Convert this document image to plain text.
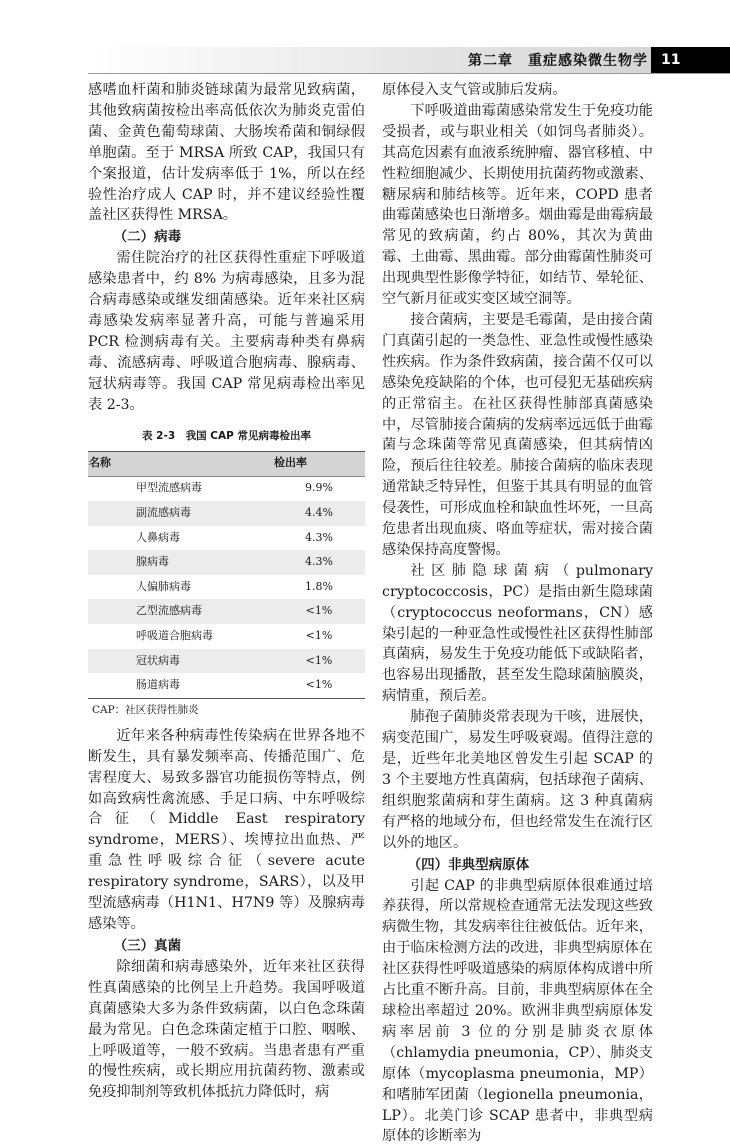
第二章　重症感染微生物学 11

感嗜血杆菌和肺炎链球菌为最常见致病菌，其他致病菌按检出率高低依次为肺炎克雷伯菌、金黄色葡萄球菌、大肠埃希菌和铜绿假单胞菌。至于 MRSA 所致 CAP，我国只有个案报道，估计发病率低于 1%，所以在经验性治疗成人 CAP 时，并不建议经验性覆盖社区获得性 MRSA。

（二）病毒

需住院治疗的社区获得性重症下呼吸道感染患者中，约 8% 为病毒感染，且多为混合病毒感染或继发细菌感染。近年来社区病毒感染发病率显著升高，可能与普遍采用 PCR 检测病毒有关。主要病毒种类有鼻病毒、流感病毒、呼吸道合胞病毒、腺病毒、冠状病毒等。我国 CAP 常见病毒检出率见表 2-3。

表 2-3　我国 CAP 常见病毒检出率
名称	检出率
甲型流感病毒	9.9%
副流感病毒	4.4%
人鼻病毒	4.3%
腺病毒	4.3%
人偏肺病毒	1.8%
乙型流感病毒	<1%
呼吸道合胞病毒	<1%
冠状病毒	<1%
肠道病毒	<1%
CAP：社区获得性肺炎

近年来各种病毒性传染病在世界各地不断发生，具有暴发频率高、传播范围广、危害程度大、易致多器官功能损伤等特点，例如高致病性禽流感、手足口病、中东呼吸综合征（Middle East respiratory syndrome，MERS）、埃博拉出血热、严重急性呼吸综合征（severe acute respiratory syndrome，SARS），以及甲型流感病毒（H1N1、H7N9 等）及腺病毒感染等。

（三）真菌

除细菌和病毒感染外，近年来社区获得性真菌感染的比例呈上升趋势。我国呼吸道真菌感染大多为条件致病菌，以白色念珠菌最为常见。白色念珠菌定植于口腔、咽喉、上呼吸道等，一般不致病。当患者患有严重的慢性疾病，或长期应用抗菌药物、激素或免疫抑制剂等致机体抵抗力降低时，病

原体侵入支气管或肺后发病。

下呼吸道曲霉菌感染常发生于免疫功能受损者，或与职业相关（如饲鸟者肺炎）。其高危因素有血液系统肿瘤、器官移植、中性粒细胞减少、长期使用抗菌药物或激素、糖尿病和肺结核等。近年来，COPD 患者曲霉菌感染也日渐增多。烟曲霉是曲霉病最常见的致病菌，约占 80%，其次为黄曲霉、土曲霉、黑曲霉。部分曲霉菌性肺炎可出现典型性影像学特征，如结节、晕轮征、空气新月征或实变区域空洞等。

接合菌病，主要是毛霉菌，是由接合菌门真菌引起的一类急性、亚急性或慢性感染性疾病。作为条件致病菌，接合菌不仅可以感染免疫缺陷的个体，也可侵犯无基础疾病的正常宿主。在社区获得性肺部真菌感染中，尽管肺接合菌病的发病率远远低于曲霉菌与念珠菌等常见真菌感染，但其病情凶险，预后往往较差。肺接合菌病的临床表现通常缺乏特异性，但鉴于其具有明显的血管侵袭性，可形成血栓和缺血性坏死，一旦高危患者出现血痰、咯血等症状，需对接合菌感染保持高度警惕。

社区肺隐球菌病（pulmonary cryptococcosis，PC）是指由新生隐球菌（cryptococcus neoformans，CN）感染引起的一种亚急性或慢性社区获得性肺部真菌病，易发生于免疫功能低下或缺陷者，也容易出现播散，甚至发生隐球菌脑膜炎，病情重，预后差。

肺孢子菌肺炎常表现为干咳，进展快，病变范围广，易发生呼吸衰竭。值得注意的是，近些年北美地区曾发生引起 SCAP 的 3 个主要地方性真菌病，包括球孢子菌病、组织胞浆菌病和芽生菌病。这 3 种真菌病有严格的地域分布，但也经常发生在流行区以外的地区。

（四）非典型病原体

引起 CAP 的非典型病原体很难通过培养获得，所以常规检查通常无法发现这些致病微生物，其发病率往往被低估。近年来，由于临床检测方法的改进，非典型病原体在社区获得性呼吸道感染的病原体构成谱中所占比重不断升高。目前，非典型病原体在全球检出率超过 20%。欧洲非典型病原体发病率居前 3 位的分别是肺炎衣原体（chlamydia pneumonia，CP）、肺炎支原体（mycoplasma pneumonia，MP）和嗜肺军团菌（legionella pneumonia，LP）。北美门诊 SCAP 患者中，非典型病原体的诊断率为
